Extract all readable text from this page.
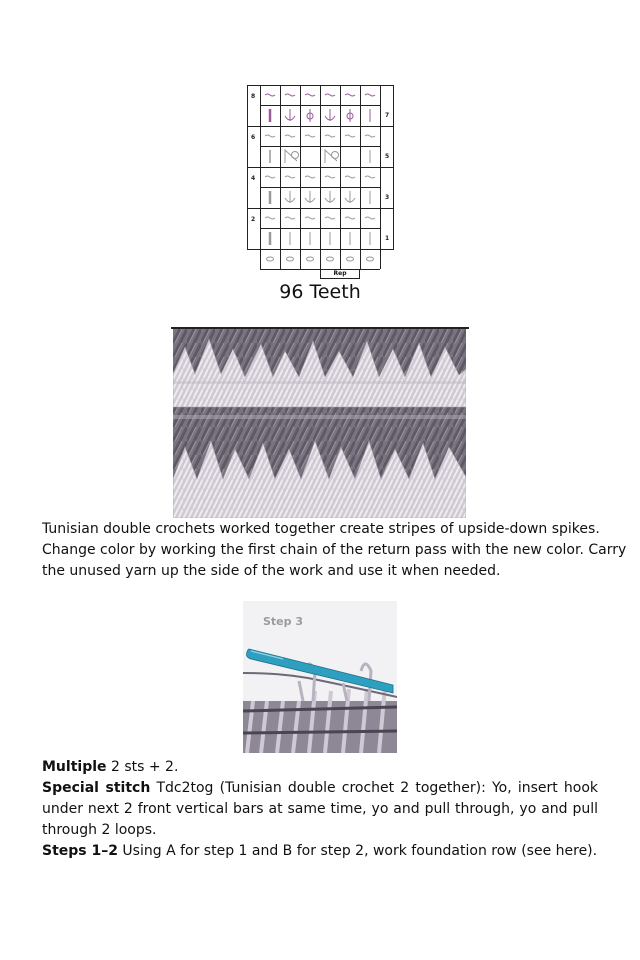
8
6
4
2
7
5
3
1
Rep
96 Teeth
Tunisian double crochets worked together create stripes of upside-down spikes.
Change color by working the first chain of the return pass with the new color. Carry
the unused yarn up the side of the work and use it when needed.
Step 3
Multiple 2 sts + 2.
Special stitch Tdc2tog (Tunisian double crochet 2 together): Yo, insert hook
under next 2 front vertical bars at same time, yo and pull through, yo and pull
through 2 loops.
Steps 1–2 Using A for step 1 and B for step 2, work foundation row (see here).
